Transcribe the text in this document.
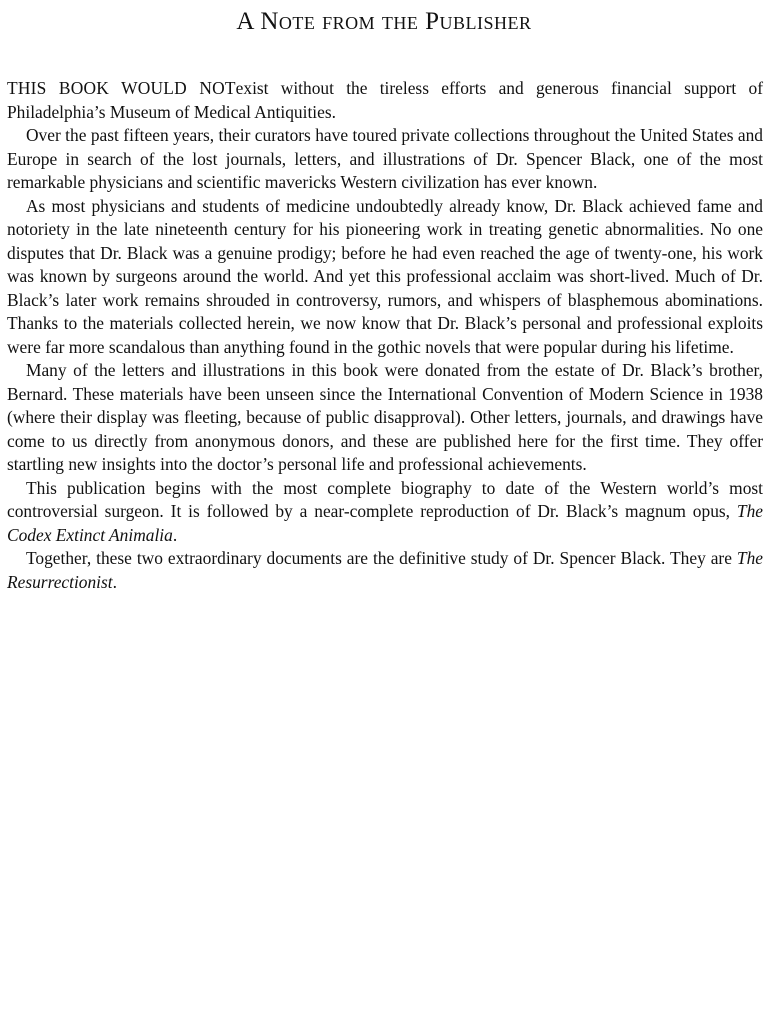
A Note from the Publisher

THIS BOOK WOULD NOTexist without the tireless efforts and generous financial support of Philadelphia’s Museum of Medical Antiquities.

Over the past fifteen years, their curators have toured private collections throughout the United States and Europe in search of the lost journals, letters, and illustrations of Dr. Spencer Black, one of the most remarkable physicians and scientific mavericks Western civilization has ever known.

As most physicians and students of medicine undoubtedly already know, Dr. Black achieved fame and notoriety in the late nineteenth century for his pioneering work in treating genetic abnormalities. No one disputes that Dr. Black was a genuine prodigy; before he had even reached the age of twenty-one, his work was known by surgeons around the world. And yet this professional acclaim was short-lived. Much of Dr. Black’s later work remains shrouded in controversy, rumors, and whispers of blasphemous abominations. Thanks to the materials collected herein, we now know that Dr. Black’s personal and professional exploits were far more scandalous than anything found in the gothic novels that were popular during his lifetime.

Many of the letters and illustrations in this book were donated from the estate of Dr. Black’s brother, Bernard. These materials have been unseen since the International Convention of Modern Science in 1938 (where their display was fleeting, because of public disapproval). Other letters, journals, and drawings have come to us directly from anonymous donors, and these are published here for the first time. They offer startling new insights into the doctor’s personal life and professional achievements.

This publication begins with the most complete biography to date of the Western world’s most controversial surgeon. It is followed by a near-complete reproduction of Dr. Black’s magnum opus, The Codex Extinct Animalia.

Together, these two extraordinary documents are the definitive study of Dr. Spencer Black. They are The Resurrectionist.
